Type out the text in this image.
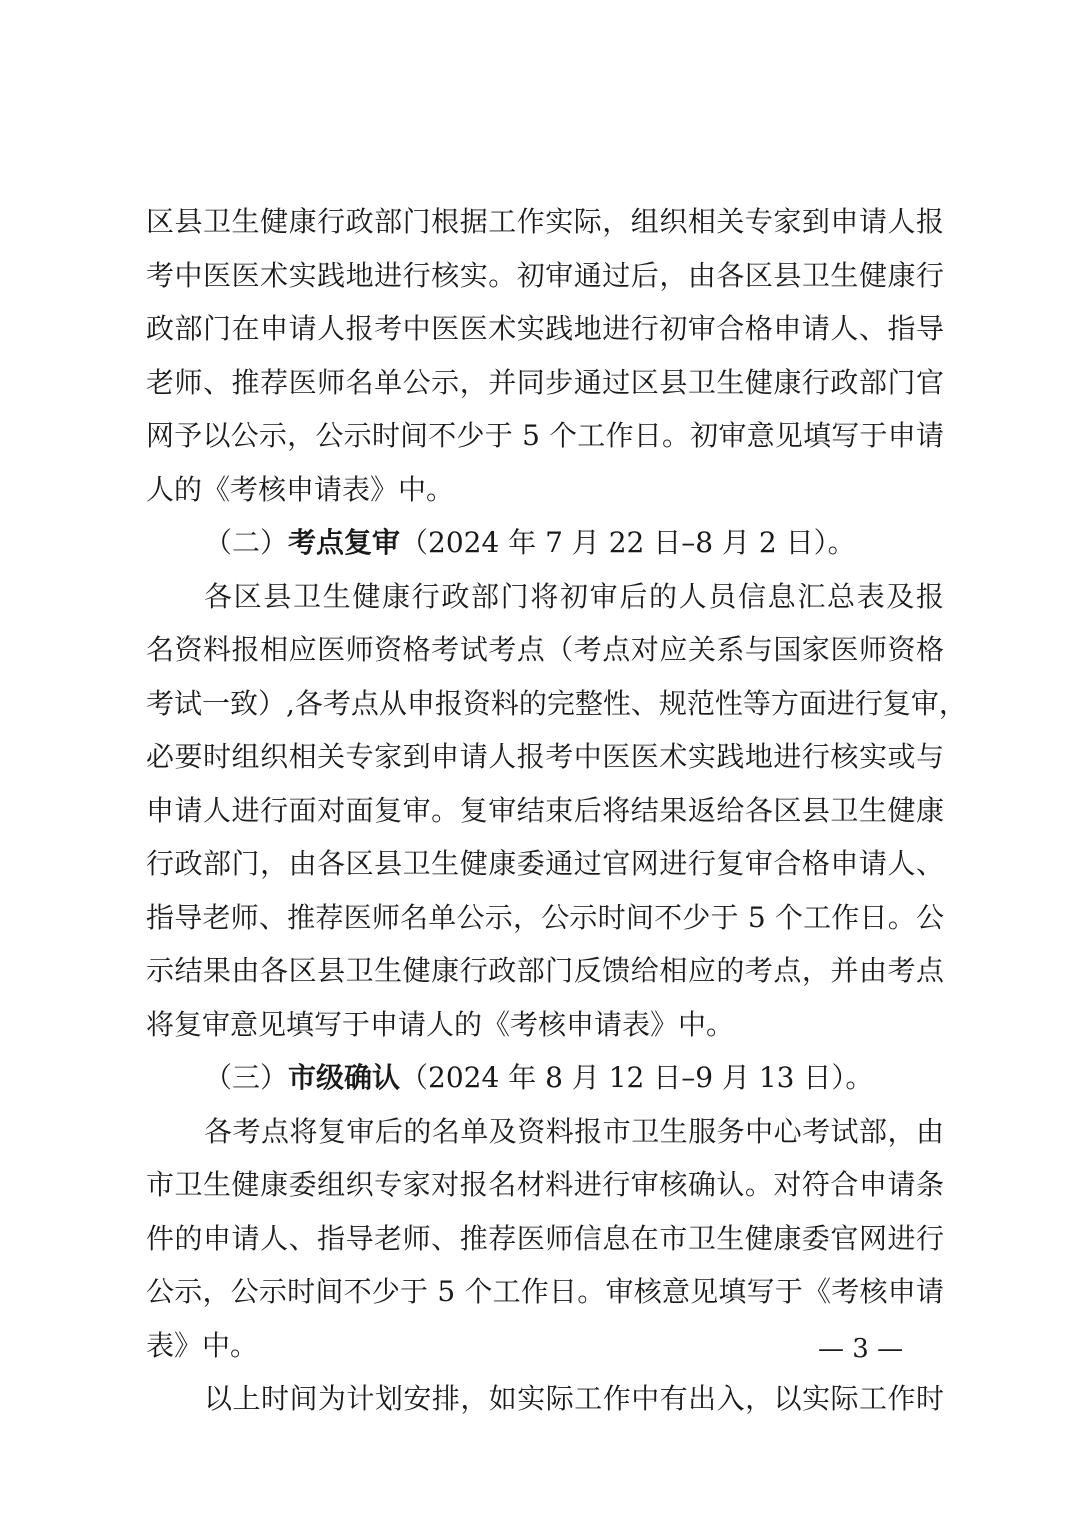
区县卫生健康行政部门根据工作实际，组织相关专家到申请人报
考中医医术实践地进行核实。初审通过后，由各区县卫生健康行
政部门在申请人报考中医医术实践地进行初审合格申请人、指导
老师、推荐医师名单公示，并同步通过区县卫生健康行政部门官
网予以公示，公示时间不少于 5 个工作日。初审意见填写于申请
人的《考核申请表》中。
（二）考点复审（2024 年 7 月 22 日–8 月 2 日）。
各区县卫生健康行政部门将初审后的人员信息汇总表及报
名资料报相应医师资格考试考点（考点对应关系与国家医师资格
考试一致）,各考点从申报资料的完整性、规范性等方面进行复审，
必要时组织相关专家到申请人报考中医医术实践地进行核实或与
申请人进行面对面复审。复审结束后将结果返给各区县卫生健康
行政部门，由各区县卫生健康委通过官网进行复审合格申请人、
指导老师、推荐医师名单公示，公示时间不少于 5 个工作日。公
示结果由各区县卫生健康行政部门反馈给相应的考点，并由考点
将复审意见填写于申请人的《考核申请表》中。
（三）市级确认（2024 年 8 月 12 日–9 月 13 日）。
各考点将复审后的名单及资料报市卫生服务中心考试部，由
市卫生健康委组织专家对报名材料进行审核确认。对符合申请条
件的申请人、指导老师、推荐医师信息在市卫生健康委官网进行
公示，公示时间不少于 5 个工作日。审核意见填写于《考核申请
表》中。
以上时间为计划安排，如实际工作中有出入，以实际工作时
— 3 —
